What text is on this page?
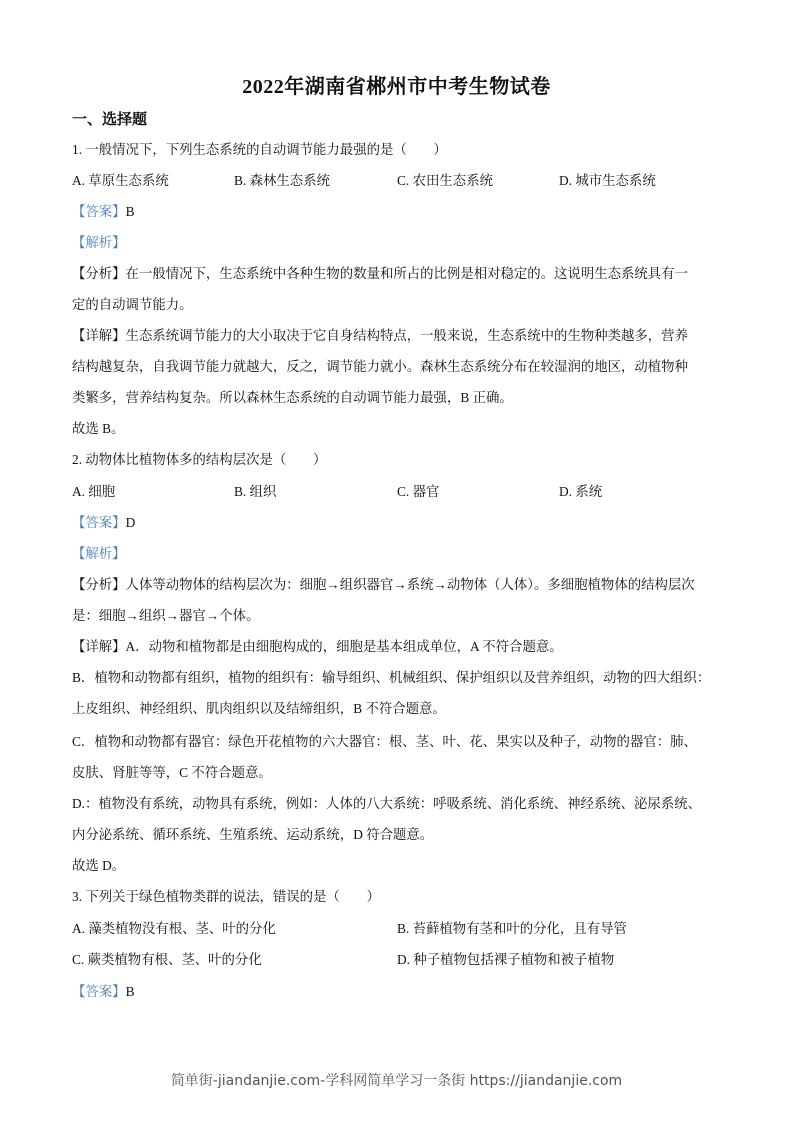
2022年湖南省郴州市中考生物试卷
一、选择题
1. 一般情况下，下列生态系统的自动调节能力最强的是（　　）
A. 草原生态系统	B. 森林生态系统	C. 农田生态系统	D. 城市生态系统
【答案】B
【解析】
【分析】在一般情况下，生态系统中各种生物的数量和所占的比例是相对稳定的。这说明生态系统具有一
定的自动调节能力。
【详解】生态系统调节能力的大小取决于它自身结构特点，一般来说，生态系统中的生物种类越多，营养
结构越复杂，自我调节能力就越大，反之，调节能力就小。森林生态系统分布在较湿润的地区，动植物种
类繁多，营养结构复杂。所以森林生态系统的自动调节能力最强，B 正确。
故选 B。
2. 动物体比植物体多的结构层次是（　　）
A. 细胞	B. 组织	C. 器官	D. 系统
【答案】D
【解析】
【分析】人体等动物体的结构层次为：细胞→组织器官→系统→动物体（人体）。多细胞植物体的结构层次
是：细胞→组织→器官→个体。
【详解】A．动物和植物都是由细胞构成的，细胞是基本组成单位，A 不符合题意。
B．植物和动物都有组织，植物的组织有：输导组织、机械组织、保护组织以及营养组织，动物的四大组织：
上皮组织、神经组织、肌肉组织以及结缔组织，B 不符合题意。
C．植物和动物都有器官：绿色开花植物的六大器官：根、茎、叶、花、果实以及种子，动物的器官：肺、
皮肤、肾脏等等，C 不符合题意。
D.：植物没有系统，动物具有系统，例如：人体的八大系统：呼吸系统、消化系统、神经系统、泌尿系统、
内分泌系统、循环系统、生殖系统、运动系统，D 符合题意。
故选 D。
3. 下列关于绿色植物类群的说法，错误的是（　　）
A. 藻类植物没有根、茎、叶的分化	B. 苔藓植物有茎和叶的分化，且有导管
C. 蕨类植物有根、茎、叶的分化	D. 种子植物包括裸子植物和被子植物
【答案】B
简单街-jiandanjie.com-学科网简单学习一条街 https://jiandanjie.com
